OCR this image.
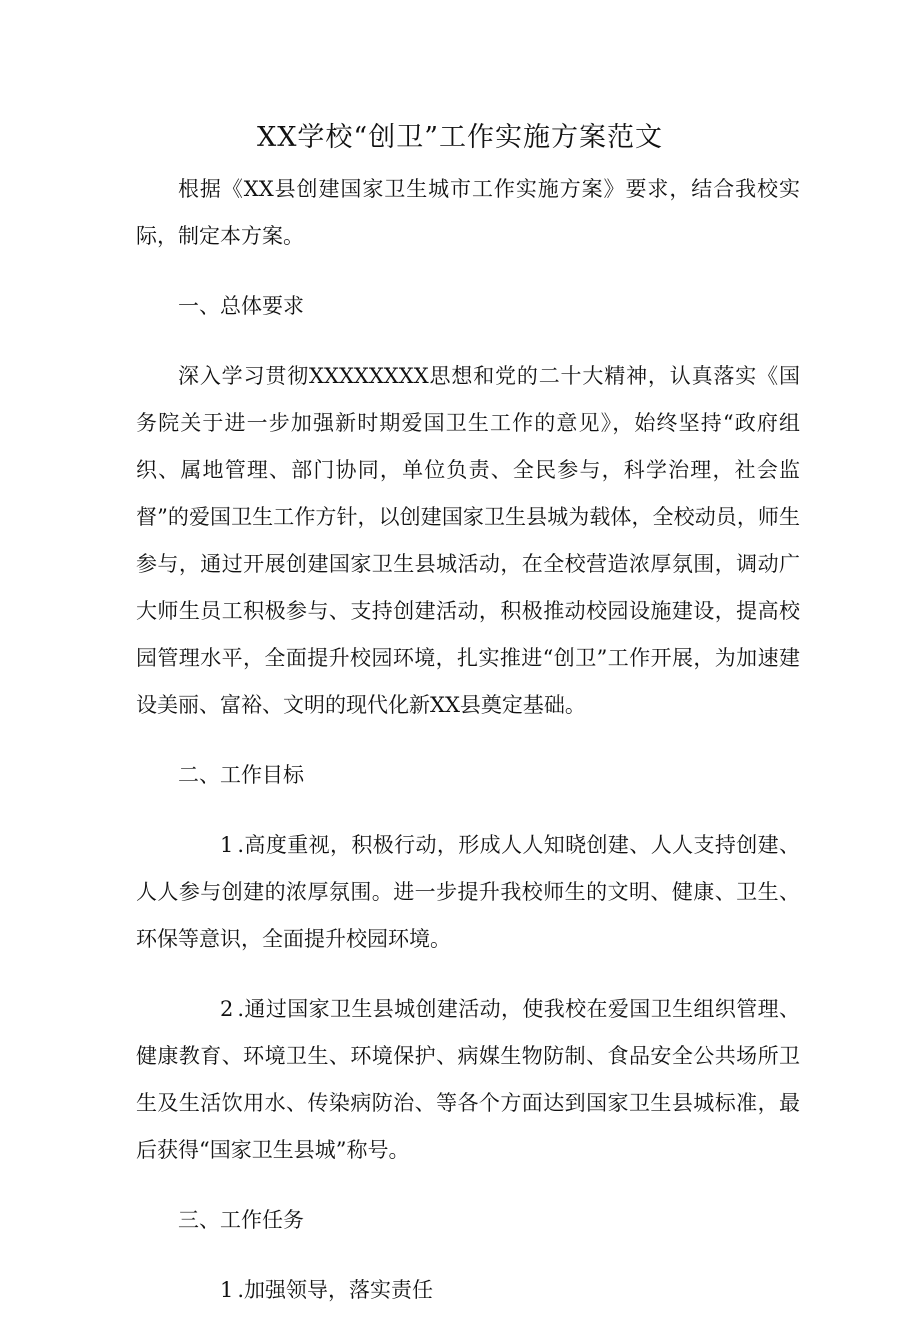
XX学校“创卫”工作实施方案范文

根据《XX县创建国家卫生城市工作实施方案》要求，结合我校实际，制定本方案。

一、总体要求

深入学习贯彻XXXXXXXX思想和党的二十大精神，认真落实《国务院关于进一步加强新时期爱国卫生工作的意见》，始终坚持“政府组织、属地管理、部门协同，单位负责、全民参与，科学治理，社会监督”的爱国卫生工作方针，以创建国家卫生县城为载体，全校动员，师生参与，通过开展创建国家卫生县城活动，在全校营造浓厚氛围，调动广大师生员工积极参与、支持创建活动，积极推动校园设施建设，提高校园管理水平，全面提升校园环境，扎实推进“创卫”工作开展，为加速建设美丽、富裕、文明的现代化新XX县奠定基础。

二、工作目标

1 .高度重视，积极行动，形成人人知晓创建、人人支持创建、人人参与创建的浓厚氛围。进一步提升我校师生的文明、健康、卫生、环保等意识，全面提升校园环境。

2 .通过国家卫生县城创建活动，使我校在爱国卫生组织管理、健康教育、环境卫生、环境保护、病媒生物防制、食品安全公共场所卫生及生活饮用水、传染病防治、等各个方面达到国家卫生县城标准，最后获得“国家卫生县城”称号。

三、工作任务

1 .加强领导，落实责任
